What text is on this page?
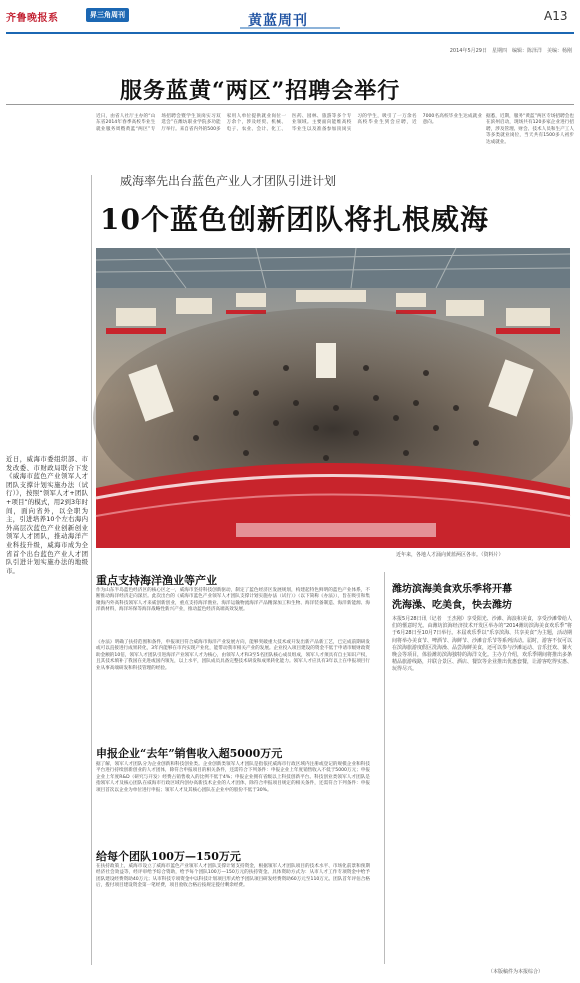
齐鲁晚报系	昇三角周刊	黄蓝周刊	A13
2014年5月29日　星期四　编辑：陈泽洋　美编：杨刚
服务蓝黄“两区”招聘会举行
近日，由省人社厅主办的“山东省2014年春季高校毕业生就业服务周暨黄蓝“两区”专场招聘会暨学生顶岗实习双选会”在潍坊职业学院多功能厅举行。来自省内外的500多家用人单位提供就业岗位一万余个，涉及经贸、机械、电子、农业、会计、化工、医药、园林、旅游等多个专业领域。主要面向能维高校毕业生以及准备参加顶岗实习的学生，吸引了一万余名高校毕业生到会应聘，近7000名高校毕业生达成就业意向。
据悉，近期，服务“黄蓝”两区专场招聘会也在滨州启动，现场共有120多家企业进行招聘，涉及管理、财会、技术人员和生产工人等多类就业岗位，当天共有1500多人初步达成就业。
威海率先出台蓝色产业人才团队引进计划
10个蓝色创新团队将扎根威海
近日，威海市委组织部、市发改委、市财政局联合下发《威海市蓝色产业领军人才团队支撑计划实施办法（试行）》，按照“领军人才+团队+项目”的模式，用2到3年时间，面向省外，以全职为主，引进培养10个左右海内外高层次蓝色产业创新创业领军人才团队，推动海洋产业科技升级，威海市成为全省首个出台蓝色产业人才团队引进计划实施办法的地级市。
近年来，各地人才涌向黄蓝两区各市。（资料片）
重点支持海洋渔业等产业
作为山东半岛蓝色经济区的核心区之一，威海市坚持科技创新驱动，制定了蓝色经济区发展规划，构建起特色鲜明的蓝色产业体系，不断推动海洋经济走向深层。此次出台的《威海市蓝色产业领军人才团队支撑计划实施办法（试行）》（以下简称《办法》），旨在吸引和集聚海内外高科技领军人才来威创新创业，重点支持海洋渔业、海洋运输物流海洋产品精深加工和生物、海洋装备制造、海洋新能源、海洋新材料，海洋环保等海洋战略性新兴产业，推动蓝色经济高端高效发展。
《办法》明确了扶持范围和条件，申报项目符合威海市海洋产业发展方向，能够突破重大技术或开发出新产品新工艺，已完成前期研发或可以直接进行成果转化，3年内能够在市内实现产业化，能带动我市相关产业的发展。企业投入项目建设的资金不低于申请市级财政资助金额的10倍，领军人才团队引进海洋产业领军人才为核心，由领军人才和3至5名团队核心成员组成，领军人才须具有自主知识产权，且其技术填补了我国在先进或国内领先，以上水平，团队成员具备完整技术研发和成果转化能力。领军人才应具有3年以上在申报项目行业从事高端研发和科技管理的经验。
申报企业“去年”销售收入超5000万元
据了解，领军人才团队分为企业创新和科技创业类。企业创新类领军人才团队是指依托威海市行政区域内注册或登记的规模企业和科技平台进行持续创新创业的人才团体，除符合申报项目的相关条件，还需符合下列条件：申报企业上年度销售收入不低于5000万元；申报企业上年度R&D（研究与开发）经费占销售收入的比例不低于4%；申报企业拥有省级以上科技创新平台。科技创业类领军人才团队是指领军人才及核心团队在威海市行政区域内创办高新技术企业的人才团体，除符合申报项目规定的相关条件，还需符合下列条件：申报项目首次以企业为单位进行申报；领军人才及其核心团队在企业中的股份不低于30%。
给每个团队100万—150万元
在扶持政策上，威海市设立了威海市蓝色产业领军人才团队支撑计划支持资金，根据领军人才团队项目的技术水平、市场化前景和预期经济社会效益等，经评审给予综合资助，给予每个团队100万—150万元的扶持资金。具体资助方式为：从市人才工作专项资金中给予团队建设经费资助40万元；从市科技专项资金中以科技计划项目形式给予团队项目研发经费资助60万元至110万元。团队首年评估合格后，拨付项目建设资金第一笔经费，项目验收合格后按规定拨付剩余经费。
潍坊滨海美食欢乐季将开幕
洗海澡、吃美食，快去潍坊
本报5月28日讯（记者　王杰刚）享受阳光、沙滩、海浪和美食，享受沙滩带给人们的惬意时光。由潍坊滨海经济技术开发区举办的“2014潍坊滨海美食欢乐季”将于6月28日至10月7日举行。本届欢乐季以“乐享滨海、共享美食”为主题，活动期间将举办美食节、啤酒节、海鲜节、沙滩音乐节等系列活动。届时，游客不仅可以在滨海旅游度假区洗海澡、品尝海鲜美食，还可以参与沙滩运动、音乐狂欢、篝火晚会等项目，体验潍坊滨海独特的海洋文化。主办方介绍，欢乐季期间将推出多条精品旅游线路，并联合景区、酒店、餐饮等企业推出优惠套餐，让游客吃得实惠、玩得尽兴。
（本版稿件为本报综合）
